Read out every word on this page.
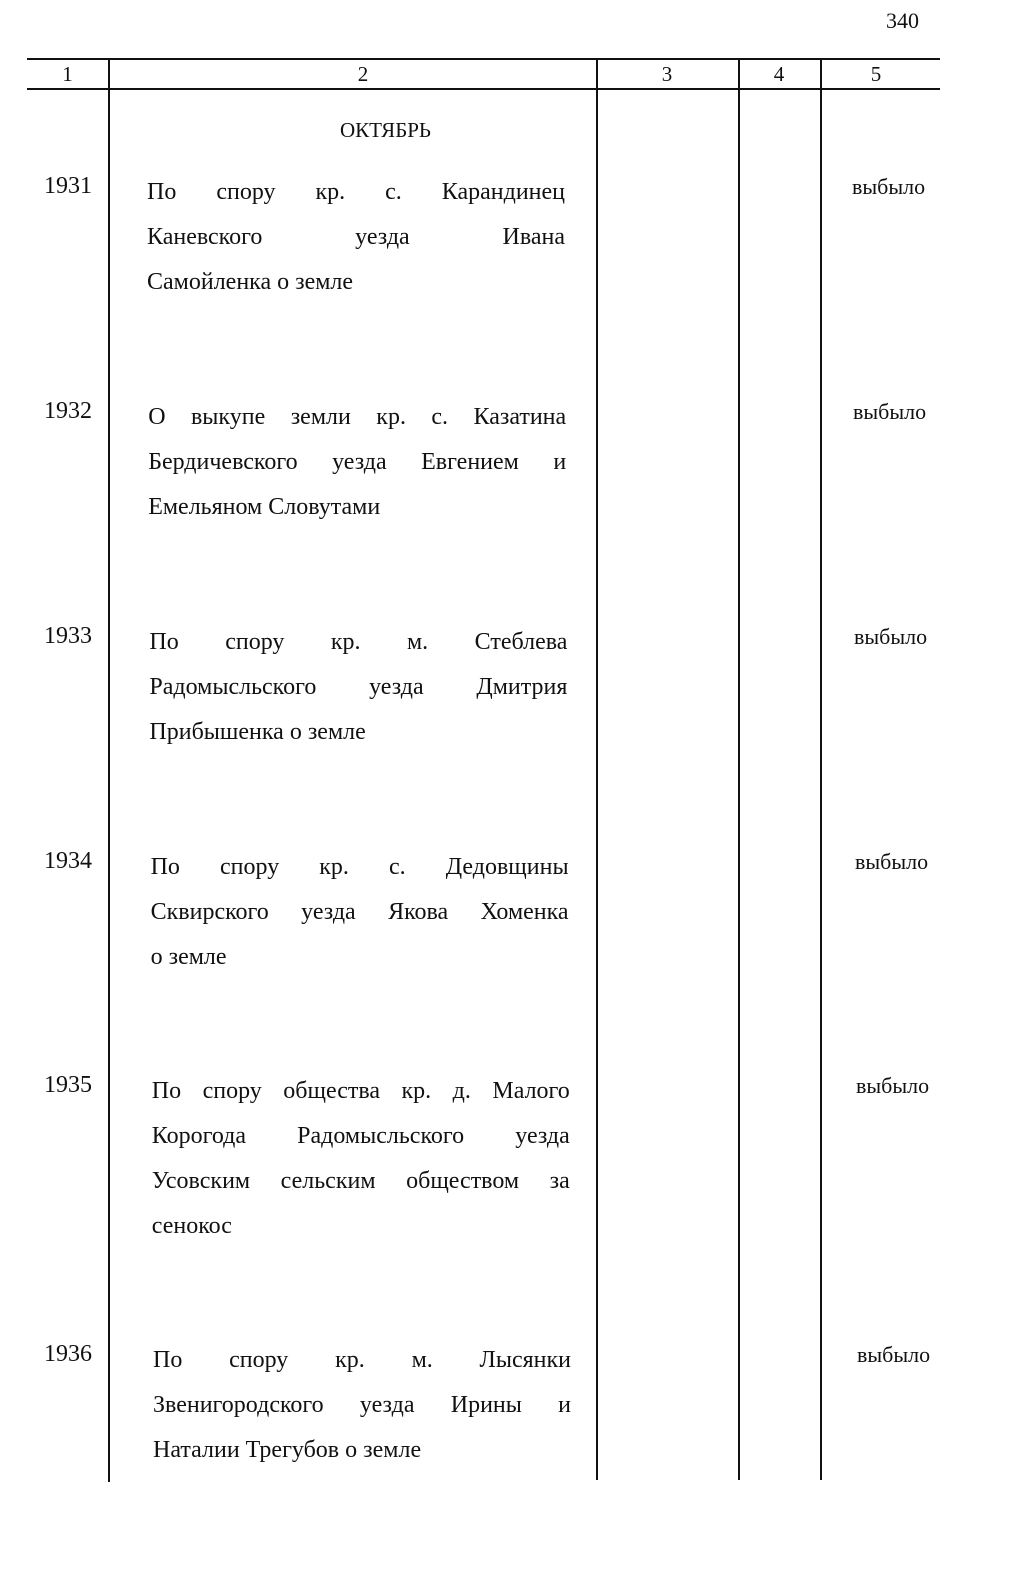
340
1	2	3	4	5
ОКТЯБРЬ
1931	По спору кр. с. Карандинец
Каневского уезда Ивана
Самойленка о земле
выбыло
1932	О выкупе земли кр. с. Казатина
Бердичевского уезда Евгением и
Емельяном Словутами
выбыло
1933	По спору кр. м. Стеблева
Радомысльского уезда Дмитрия
Прибышенка о земле
выбыло
1934	По спору кр. с. Дедовщины
Сквирского уезда Якова Хоменка
о земле
выбыло
1935	По спору общества кр. д. Малого
Корогода Радомысльского уезда
Усовским сельским обществом за
сенокос
выбыло
1936	По спору кр. м. Лысянки
Звенигородского уезда Ирины и
Наталии Трегубов о земле
выбыло
